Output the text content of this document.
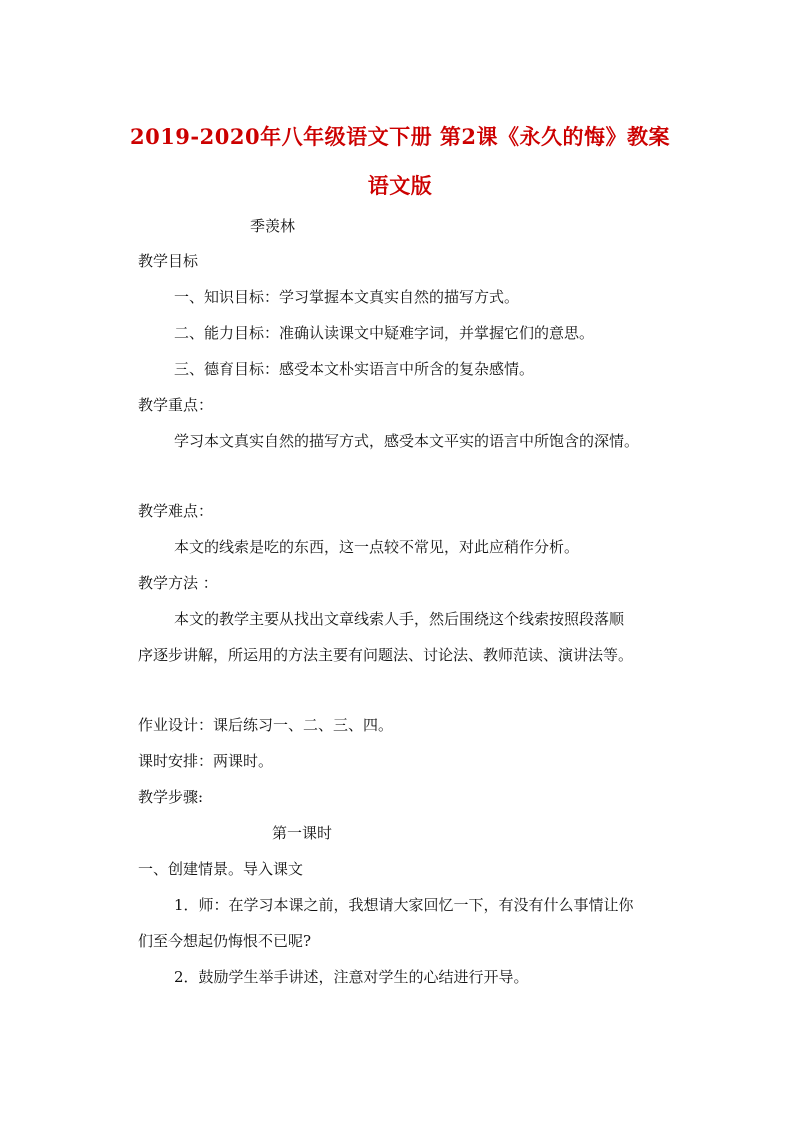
2019-2020年八年级语文下册 第2课《永久的悔》教案
语文版
季羡林
教学目标
一、知识目标：学习掌握本文真实自然的描写方式。
二、能力目标：准确认读课文中疑难字词，并掌握它们的意思。
三、德育目标：感受本文朴实语言中所含的复杂感情。
教学重点：
学习本文真实自然的描写方式，感受本文平实的语言中所饱含的深情。
教学难点：
本文的线索是吃的东西，这一点较不常见，对此应稍作分析。
教学方法 ：
本文的教学主要从找出文章线索人手，然后围绕这个线索按照段落顺
序逐步讲解，所运用的方法主要有问题法、讨论法、教师范读、演讲法等。
作业设计：课后练习一、二、三、四。
课时安排：两课时。
教学步骤:
第一课时
一、创建情景。导入课文
1．师：在学习本课之前，我想请大家回忆一下，有没有什么事情让你
们至今想起仍悔恨不已呢?
2．鼓励学生举手讲述，注意对学生的心结进行开导。
